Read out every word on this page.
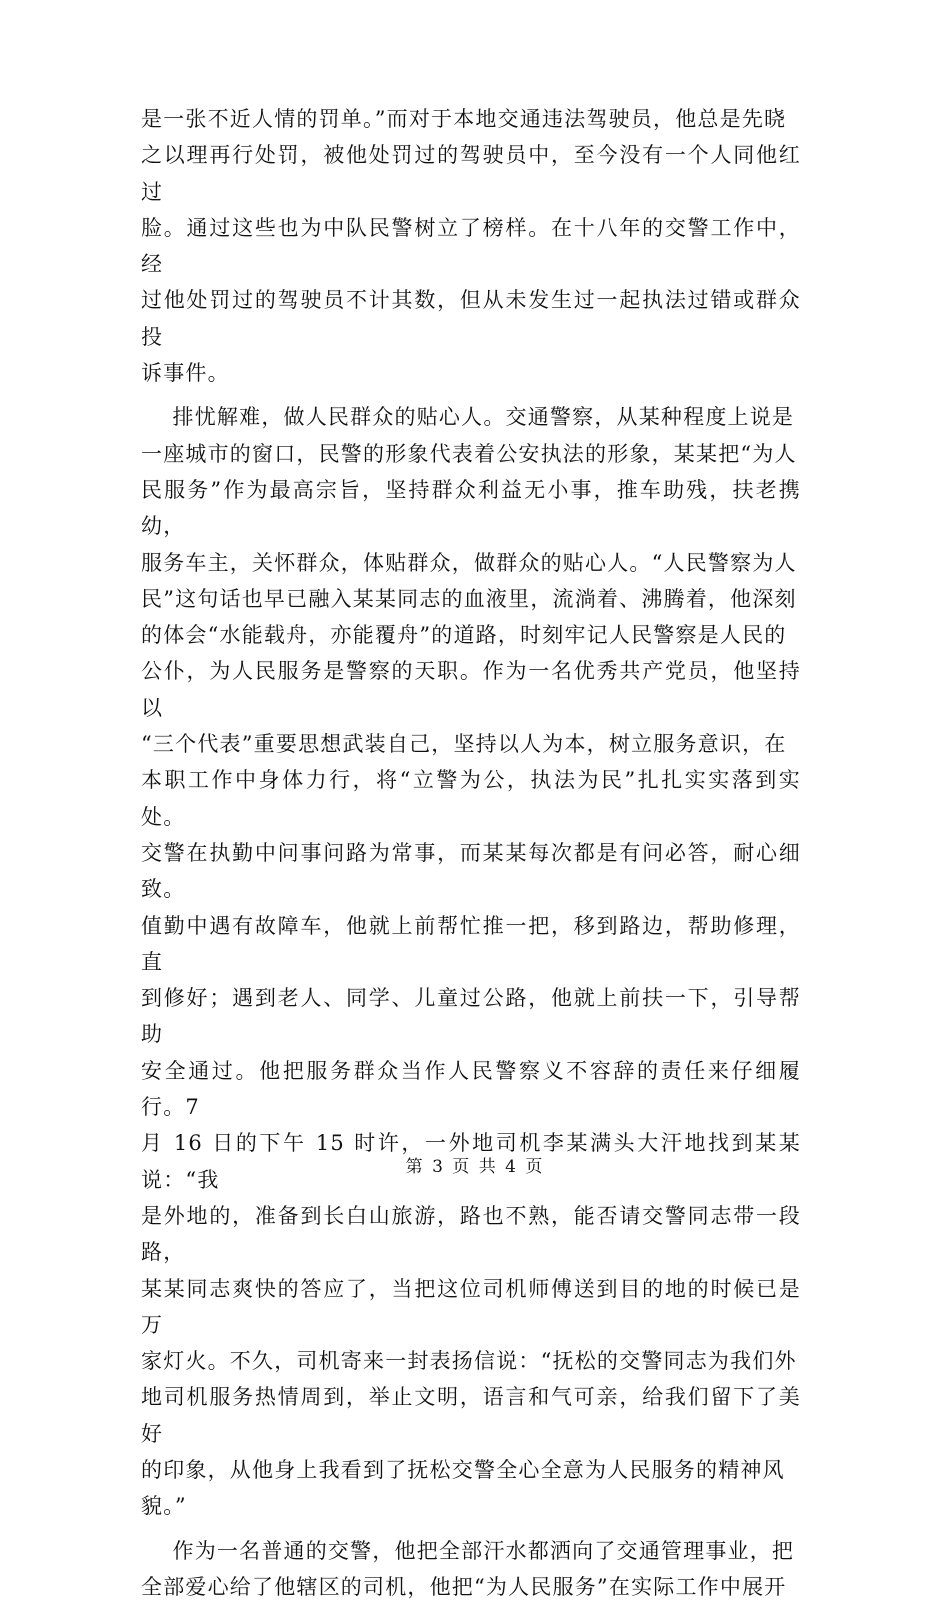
是一张不近人情的罚单。”而对于本地交通违法驾驶员，他总是先晓
之以理再行处罚，被他处罚过的驾驶员中，至今没有一个人同他红过
脸。通过这些也为中队民警树立了榜样。在十八年的交警工作中，经
过他处罚过的驾驶员不计其数，但从未发生过一起执法过错或群众投
诉事件。

排忧解难，做人民群众的贴心人。交通警察，从某种程度上说是
一座城市的窗口，民警的形象代表着公安执法的形象，某某把“为人
民服务”作为最高宗旨，坚持群众利益无小事，推车助残，扶老携幼，
服务车主，关怀群众，体贴群众，做群众的贴心人。“人民警察为人
民”这句话也早已融入某某同志的血液里，流淌着、沸腾着，他深刻
的体会“水能载舟，亦能覆舟”的道路，时刻牢记人民警察是人民的
公仆，为人民服务是警察的天职。作为一名优秀共产党员，他坚持以
“三个代表”重要思想武装自己，坚持以人为本，树立服务意识，在
本职工作中身体力行，将“立警为公，执法为民”扎扎实实落到实处。
交警在执勤中问事问路为常事，而某某每次都是有问必答，耐心细致。
值勤中遇有故障车，他就上前帮忙推一把，移到路边，帮助修理，直
到修好；遇到老人、同学、儿童过公路，他就上前扶一下，引导帮助
安全通过。他把服务群众当作人民警察义不容辞的责任来仔细履行。7
月 16 日的下午 15 时许，一外地司机李某满头大汗地找到某某说：“我
是外地的，准备到长白山旅游，路也不熟，能否请交警同志带一段路，
某某同志爽快的答应了，当把这位司机师傅送到目的地的时候已是万
家灯火。不久，司机寄来一封表扬信说：“抚松的交警同志为我们外
地司机服务热情周到，举止文明，语言和气可亲，给我们留下了美好
的印象，从他身上我看到了抚松交警全心全意为人民服务的精神风
貌。”

作为一名普通的交警，他把全部汗水都洒向了交通管理事业，把
全部爱心给了他辖区的司机，他把“为人民服务”在实际工作中展开

第 3 页 共 4 页
